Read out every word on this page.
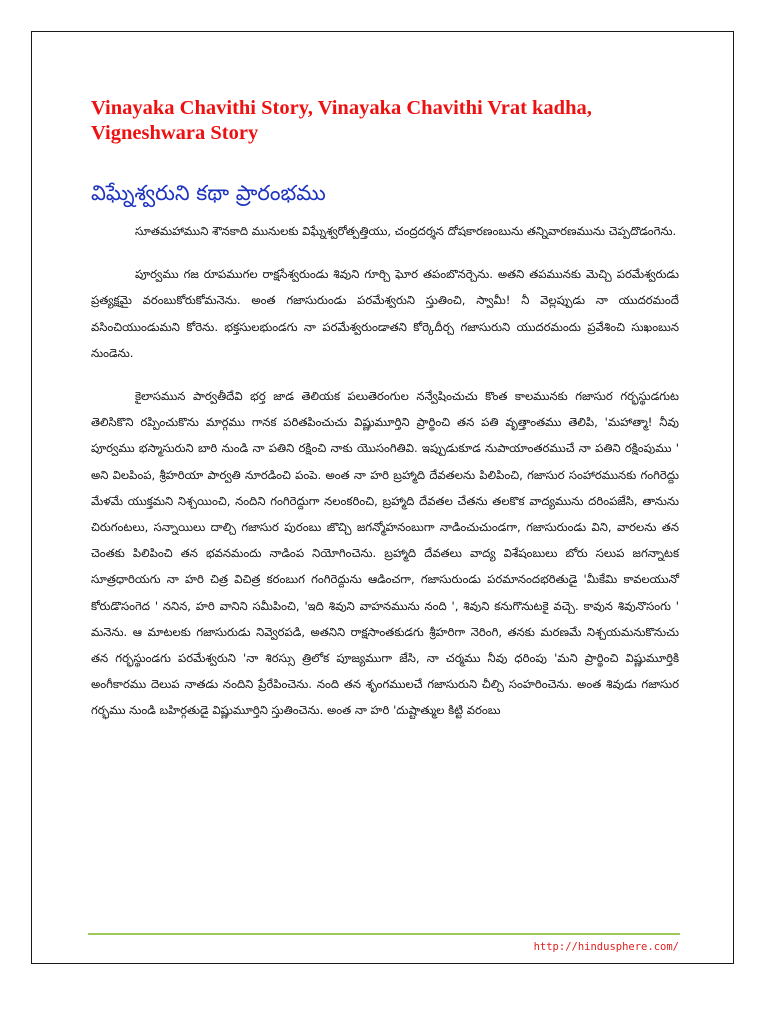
Vinayaka Chavithi Story, Vinayaka Chavithi Vrat kadha, Vigneshwara Story
విఘ్నేశ్వరుని కథా ప్రారంభము

సూతమహాముని శౌనకాది మునులకు విఘ్నేశ్వరోత్పత్తియు, చంద్రదర్శన దోషకారణంబును తన్నివారణమును చెప్పదొడంగెను.

పూర్వము గజ రూపముగల రాక్షసేశ్వరుండు శివుని గూర్చి ఘోర తపంబొనర్చెను. అతని తపమునకు మెచ్చి పరమేశ్వరుడు ప్రత్యక్షమై వరంబుకోరుకోమనెను. అంత గజాసురుండు పరమేశ్వరుని స్తుతించి, స్వామీ! నీ వెల్లప్పుడు నా యుదరమందే వసించియుండుమని కోరెను. భక్తసులభుండగు నా పరమేశ్వరుండాతని కోర్కెదీర్చ గజాసురుని యుదరమందు ప్రవేశించి సుఖంబున నుండెను.

కైలాసమున పార్వతీదేవి భర్త జాడ తెలియక పలుతెరంగుల నన్వేషించుచు కొంత కాలమునకు గజాసుర గర్భస్థుడగుట తెలిసికొని రప్పించుకొను మార్గము గానక పరితపించుచు విష్ణుమూర్తిని ప్రార్థించి తన పతి వృత్తాంతము తెలిపి, 'మహాత్మా! నీవు పూర్వము భస్మాసురుని బారి నుండి నా పతిని రక్షించి నాకు యొసంగితివి. ఇప్పుడుకూడ నుపాయాంతరముచే నా పతిని రక్షింపుము ' అని విలపింప, శ్రీహరియా పార్వతి నూరడించి పంపె. అంత నా హరి బ్రహ్మాది దేవతలను పిలిపించి, గజాసుర సంహారమునకు గంగిరెద్దు మేళమే యుక్తమని నిశ్చయించి, నందిని గంగిరెద్దుగా నలంకరించి, బ్రహ్మాది దేవతల చేతను తలకొక వాద్యమును దరింపజేసి, తానును చిరుగంటలు, సన్నాయిలు దాల్చి గజాసుర పురంబు జొచ్చి జగన్మోహనంబుగా నాడించుచుండగా, గజాసురుండు విని, వారలను తన చెంతకు పిలిపించి తన భవనమందు నాడింప నియోగించెను. బ్రహ్మాది దేవతలు వాద్య విశేషంబులు బోరు సలుప జగన్నాటక సూత్రధారియగు నా హరి చిత్ర విచిత్ర కరంబుగ గంగిరెద్దును ఆడించగా, గజాసురుండు పరమానందభరితుడై 'మీకేమి కావలయునో కోరుడొసంగెద ' ననిన, హరి వానిని సమీపించి, 'ఇది శివుని వాహనమును నంది ', శివుని కనుగొనుటకై వచ్చె. కావున శివునొసంగు ' మనెను. ఆ మాటలకు గజాసురుడు నివ్వెరపడి, అతనిని రాక్షసాంతకుడగు శ్రీహరిగా నెరింగి, తనకు మరణమే నిశ్చయమనుకొనుచు తన గర్భస్థుండగు పరమేశ్వరుని 'నా శిరస్సు త్రిలోక పూజ్యముగా జేసి, నా చర్మము నీవు ధరింపు 'మని ప్రార్థించి విష్ణుమూర్తికి అంగీకారము దెలుప నాతడు నందిని ప్రేరేపించెను. నంది తన శృంగములచే గజాసురుని చీల్చి సంహరించెను. అంత శివుడు గజాసుర గర్భము నుండి బహిర్గతుడై విష్ణుమూర్తిని స్తుతించెను. అంత నా హరి 'దుష్టాత్ముల కిట్టి వరంబు

http://hindusphere.com/
